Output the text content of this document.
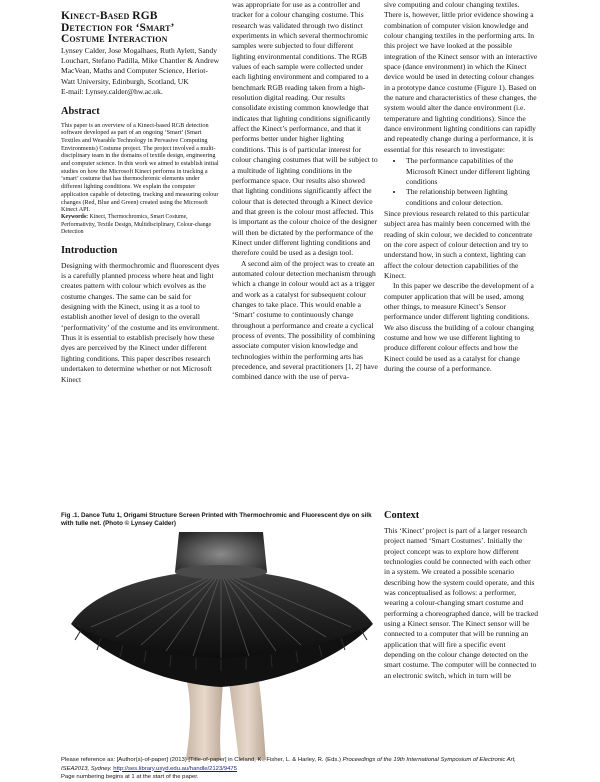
Kinect-Based RGB
Detection for ‘Smart’
Costume Interaction

Lynsey Calder, Jose Mogalhaes, Ruth Aylett, Sandy Louchart, Stefano Padilla, Mike Chantler & Andrew MacVean, Maths and Computer Science, Heriot-Watt University, Edinburgh, Scotland, UK

E-mail: Lynsey.calder@hw.ac.uk.

Abstract

This paper is an overview of a Kinect-based RGB detection software developed as part of an ongoing ‘Smart’ (Smart Textiles and Wearable Technology in Pervasive Computing Environments) Costume project. The project involved a multi-disciplinary team in the domains of textile design, engineering and computer science. In this work we aimed to establish initial studies on how the Microsoft Kinect performs in tracking a ‘smart’ costume that has thermochromic elements under different lighting conditions. We explain the computer application capable of detecting, tracking and measuring colour changes (Red, Blue and Green) created using the Microsoft Kinect API.

Keywords: Kinect, Thermochromics, Smart Costume, Performativity, Textile Design, Multidisciplinary, Colour-change Detection

Introduction

Designing with thermochromic and fluorescent dyes is a carefully planned process where heat and light creates pattern with colour which evolves as the costume changes. The same can be said for designing with the Kinect, using it as a tool to establish another level of design to the overall ‘performativity’ of the costume and its environment. Thus it is essential to establish precisely how these dyes are perceived by the Kinect under different lighting conditions. This paper describes research undertaken to determine whether or not Microsoft Kinect

was appropriate for use as a controller and tracker for a colour changing costume. This research was validated through two distinct experiments in which several thermochromic samples were subjected to four different lighting environmental conditions. The RGB values of each sample were collected under each lighting environment and compared to a benchmark RGB reading taken from a high-resolution digital reading. Our results consolidate existing common knowledge that indicates that lighting conditions significantly affect the Kinect’s performance, and that it performs better under higher lighting conditions. This is of particular interest for colour changing costumes that will be subject to a multitude of lighting conditions in the performance space. Our results also showed that lighting conditions significantly affect the colour that is detected through a Kinect device and that green is the colour most affected. This is important as the colour choice of the designer will then be dictated by the performance of the Kinect under different lighting conditions and therefore could be used as a design tool.

A second aim of the project was to create an automated colour detection mechanism through which a change in colour would act as a trigger and work as a catalyst for subsequent colour changes to take place. This would enable a ‘Smart’ costume to continuously change throughout a performance and create a cyclical process of events. The possibility of combining associate computer vision knowledge and technologies within the performing arts has precedence, and several practitioners [1, 2] have combined dance with the use of perva-

sive computing and colour changing textiles. There is, however, little prior evidence showing a combination of computer vision knowledge and colour changing textiles in the performing arts. In this project we have looked at the possible integration of the Kinect sensor with an interactive space (dance environment) in which the Kinect device would be used in detecting colour changes in a prototype dance costume (Figure 1). Based on the nature and characteristics of these changes, the system would alter the dance environment (i.e. temperature and lighting conditions). Since the dance environment lighting conditions can rapidly and repeatedly change during a performance, it is essential for this research to investigate:

• The performance capabilities of the Microsoft Kinect under different lighting conditions
• The relationship between lighting conditions and colour detection.

Since previous research related to this particular subject area has mainly been concerned with the reading of skin colour, we decided to concentrate on the core aspect of colour detection and try to understand how, in such a context, lighting can affect the colour detection capabilities of the Kinect.

In this paper we describe the development of a computer application that will be used, among other things, to measure Kinect’s Sensor performance under different lighting conditions. We also discuss the building of a colour changing costume and how we use different lighting to produce different colour effects and how the Kinect could be used as a catalyst for change during the course of a performance.

Context

This ‘Kinect’ project is part of a larger research project named ‘Smart Costumes’. Initially the project concept was to explore how different technologies could be connected with each other in a system. We created a possible scenario describing how the system could operate, and this was conceptualised as follows: a performer, wearing a colour-changing smart costume and performing a choreographed dance, will be tracked using a Kinect sensor. The Kinect sensor will be connected to a computer that will be running an application that will fire a specific event depending on the colour change detected on the smart costume. The computer will be connected to an electronic switch, which in turn will be

Fig .1. Dance Tutu 1, Origami Structure Screen Printed with Thermochromic and Fluorescent dye on silk with tulle net. (Photo © Lynsey Calder)
Please reference as: [Author(s)-of-paper] (2013) [Title-of-paper] in Cleland, K., Fisher, L. & Harley, R. (Eds.) Proceedings of the 19th International Symposium of Electronic Art, ISEA2013, Sydney. http://ses.library.usyd.edu.au/handle/2123/9475
Page numbering begins at 1 at the start of the paper.
